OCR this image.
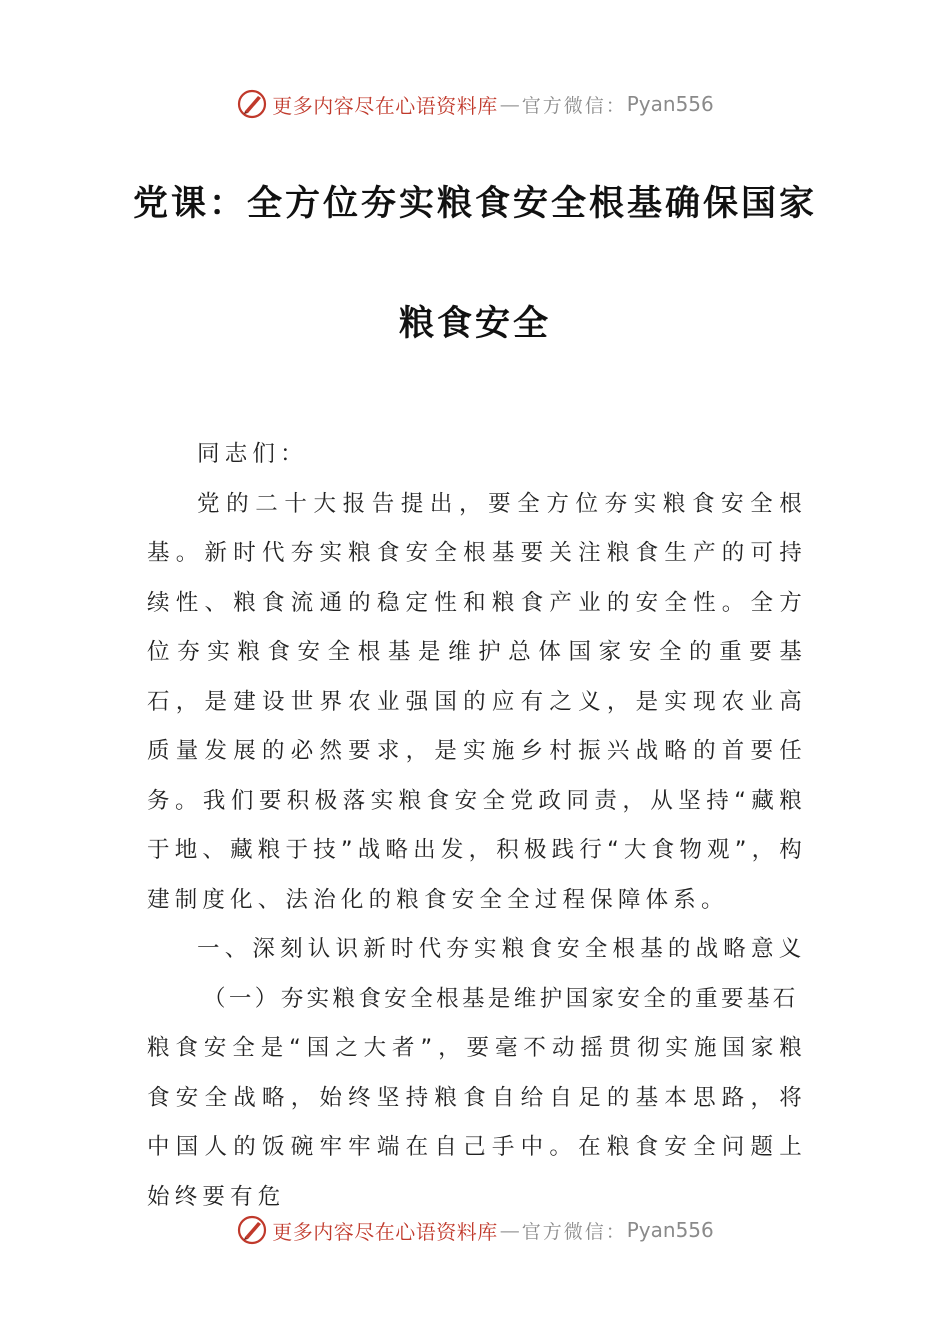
更多内容尽在心语资料库 — 官方微信： Pyan556
党课：全方位夯实粮食安全根基确保国家
粮食安全

同志们：

党的二十大报告提出，要全方位夯实粮食安全根基。新时代夯实粮食安全根基要关注粮食生产的可持续性、粮食流通的稳定性和粮食产业的安全性。全方位夯实粮食安全根基是维护总体国家安全的重要基石，是建设世界农业强国的应有之义，是实现农业高质量发展的必然要求，是实施乡村振兴战略的首要任务。我们要积极落实粮食安全党政同责，从坚持“藏粮于地、藏粮于技”战略出发，积极践行“大食物观”，构建制度化、法治化的粮食安全全过程保障体系。

一、深刻认识新时代夯实粮食安全根基的战略意义

（一）夯实粮食安全根基是维护国家安全的重要基石

粮食安全是“国之大者”，要毫不动摇贯彻实施国家粮食安全战略，始终坚持粮食自给自足的基本思路，将中国人的饭碗牢牢端在自己手中。在粮食安全问题上始终要有危

更多内容尽在心语资料库 — 官方微信： Pyan556
